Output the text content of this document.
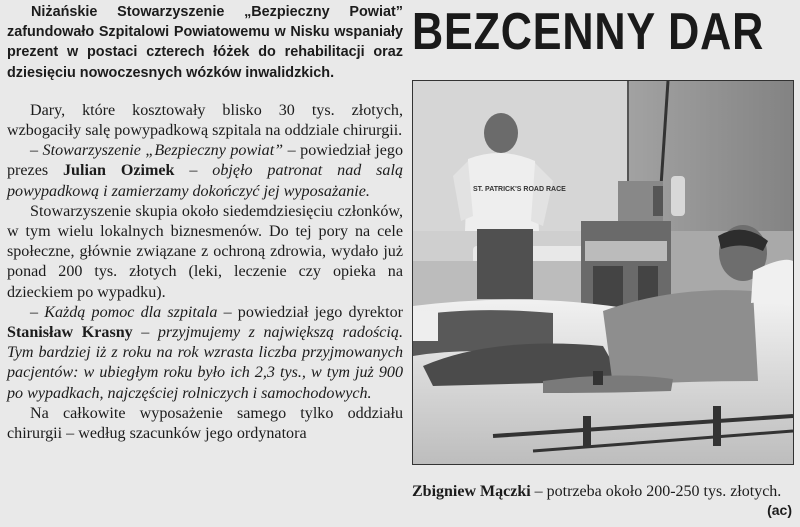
Niżańskie Stowarzyszenie „Bezpieczny Powiat” zafundowało Szpitalowi Powiatowemu w Nisku wspaniały prezent w postaci czterech łóżek do rehabilitacji oraz dziesięciu nowoczesnych wózków inwalidzkich.

Dary, które kosztowały blisko 30 tys. złotych, wzbogaciły salę powypadkową szpitala na oddziale chirurgii.

– Stowarzyszenie „Bezpieczny powiat” – powiedział jego prezes Julian Ozimek – objęło patronat nad salą powypadkową i zamierzamy dokończyć jej wyposażanie.

Stowarzyszenie skupia około siedemdziesięciu członków, w tym wielu lokalnych biznesmenów. Do tej pory na cele społeczne, głównie związane z ochroną zdrowia, wydało już ponad 200 tys. złotych (leki, leczenie czy opieka na dzieckiem po wypadku).

– Każdą pomoc dla szpitala – powiedział jego dyrektor Stanisław Krasny – przyjmujemy z największą radością. Tym bardziej iż z roku na rok wzrasta liczba przyjmowanych pacjentów: w ubiegłym roku było ich 2,3 tys., w tym już 900 po wypadkach, najczęściej rolniczych i samochodowych.

Na całkowite wyposażenie samego tylko oddziału chirurgii – według szacunków jego ordynatora

BEZCENNY DAR
ST. PATRICK'S ROAD RACE
Zbigniew Mączki – potrzeba około 200-250 tys. złotych.
(ac)
